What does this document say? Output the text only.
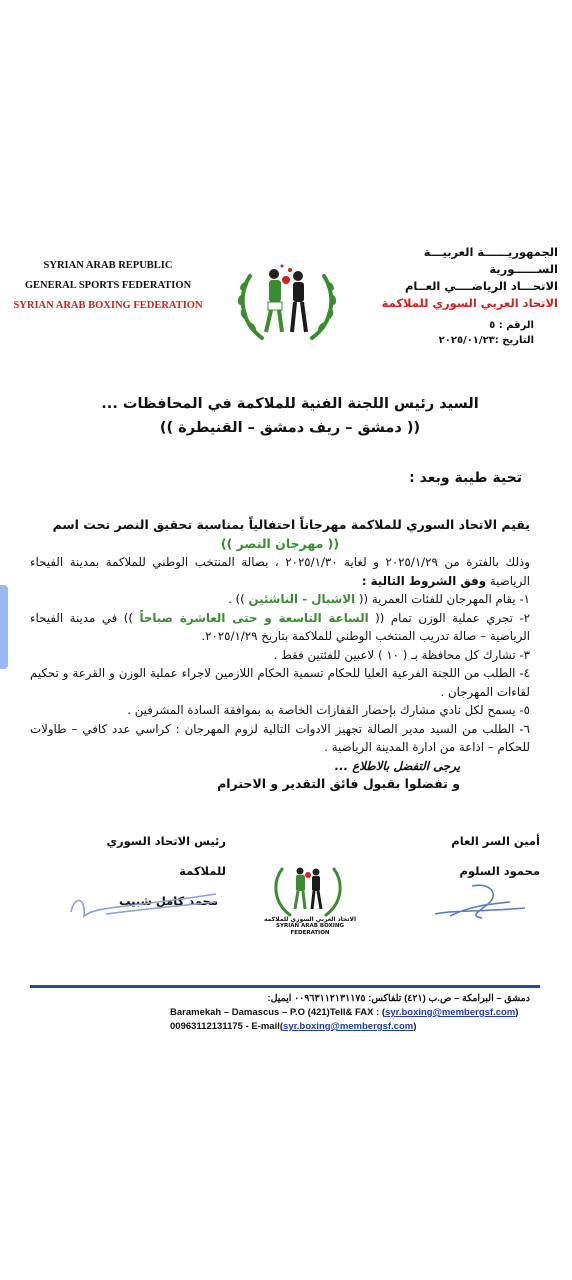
SYRIAN ARAB REPUBLIC
GENERAL SPORTS FEDERATION
SYRIAN ARAB BOXING FEDERATION
الجمهوريــــــة العربيـــة الســــــورية
الاتحـــاد الرياضــــي العــام
الاتحاد العربي السوري للملاكمة
الرقم : ٥
التاريخ :٢٠٢٥/٠١/٢٣
السيد رئيس اللجنة الفنية للملاكمة في المحافظات ...
(( دمشق – ريف دمشق – القنيطرة ))
تحية طيبة وبعد :
يقيم الاتحاد السوري للملاكمة مهرجاناً احتفالياً بمناسبة تحقيق النصر تحت اسم
(( مهرجان النصر ))
وذلك بالفترة من ٢٠٢٥/١/٢٩ و لغاية ٢٠٢٥/١/٣٠ ، بصالة المنتخب الوطني للملاكمة بمدينة الفيحاء الرياضية وفق الشروط التالية :
١- يقام المهرجان للفئات العمرية (( الاشبال - الناشئين )) .
٢- تجري عملية الوزن تمام (( الساعة التاسعة و حتى العاشرة صباحاً )) في مدينة الفيحاء الرياضية – صالة تدريب المنتخب الوطني للملاكمة بتاريخ ٢٠٢٥/١/٢٩.
٣- تشارك كل محافظة بـ ( ١٠ ) لاعبين للفئتين فقط .
٤- الطلب من اللجنة الفرعية العليا للحكام تسمية الحكام اللازمين لاجراء عملية الوزن و القرعة و تحكيم لقاءات المهرجان .
٥- يسمح لكل نادي مشارك بإحضار القفازات الخاصة به بموافقة السادة المشرفين .
٦- الطلب من السيد مدير الصالة تجهيز الادوات التالية لزوم المهرجان : كراسي عدد كافي – طاولات للحكام – اذاعة من ادارة المدينة الرياضية .
يرجى التفضل بالاطلاع ...
و تفضلوا بقبول فائق التقدير و الاحترام
أمين السر العام
محمود السلوم
رئيس الاتحاد السوري للملاكمة
محمد كامل شبيب
الاتحاد العربي السوري للملاكمة
SYRIAN ARAB BOXING FEDERATION
دمشق – البرامكة – ص.ب (٤٢١) تلفاكس: ٠٠٩٦٣١١٢١٣١١٧٥ ايميل:
Baramekah – Damascus – P.O (421)Tell& FAX : (syr.boxing@membergsf.com)
00963112131175 - E-mail(syr.boxing@membergsf.com)
